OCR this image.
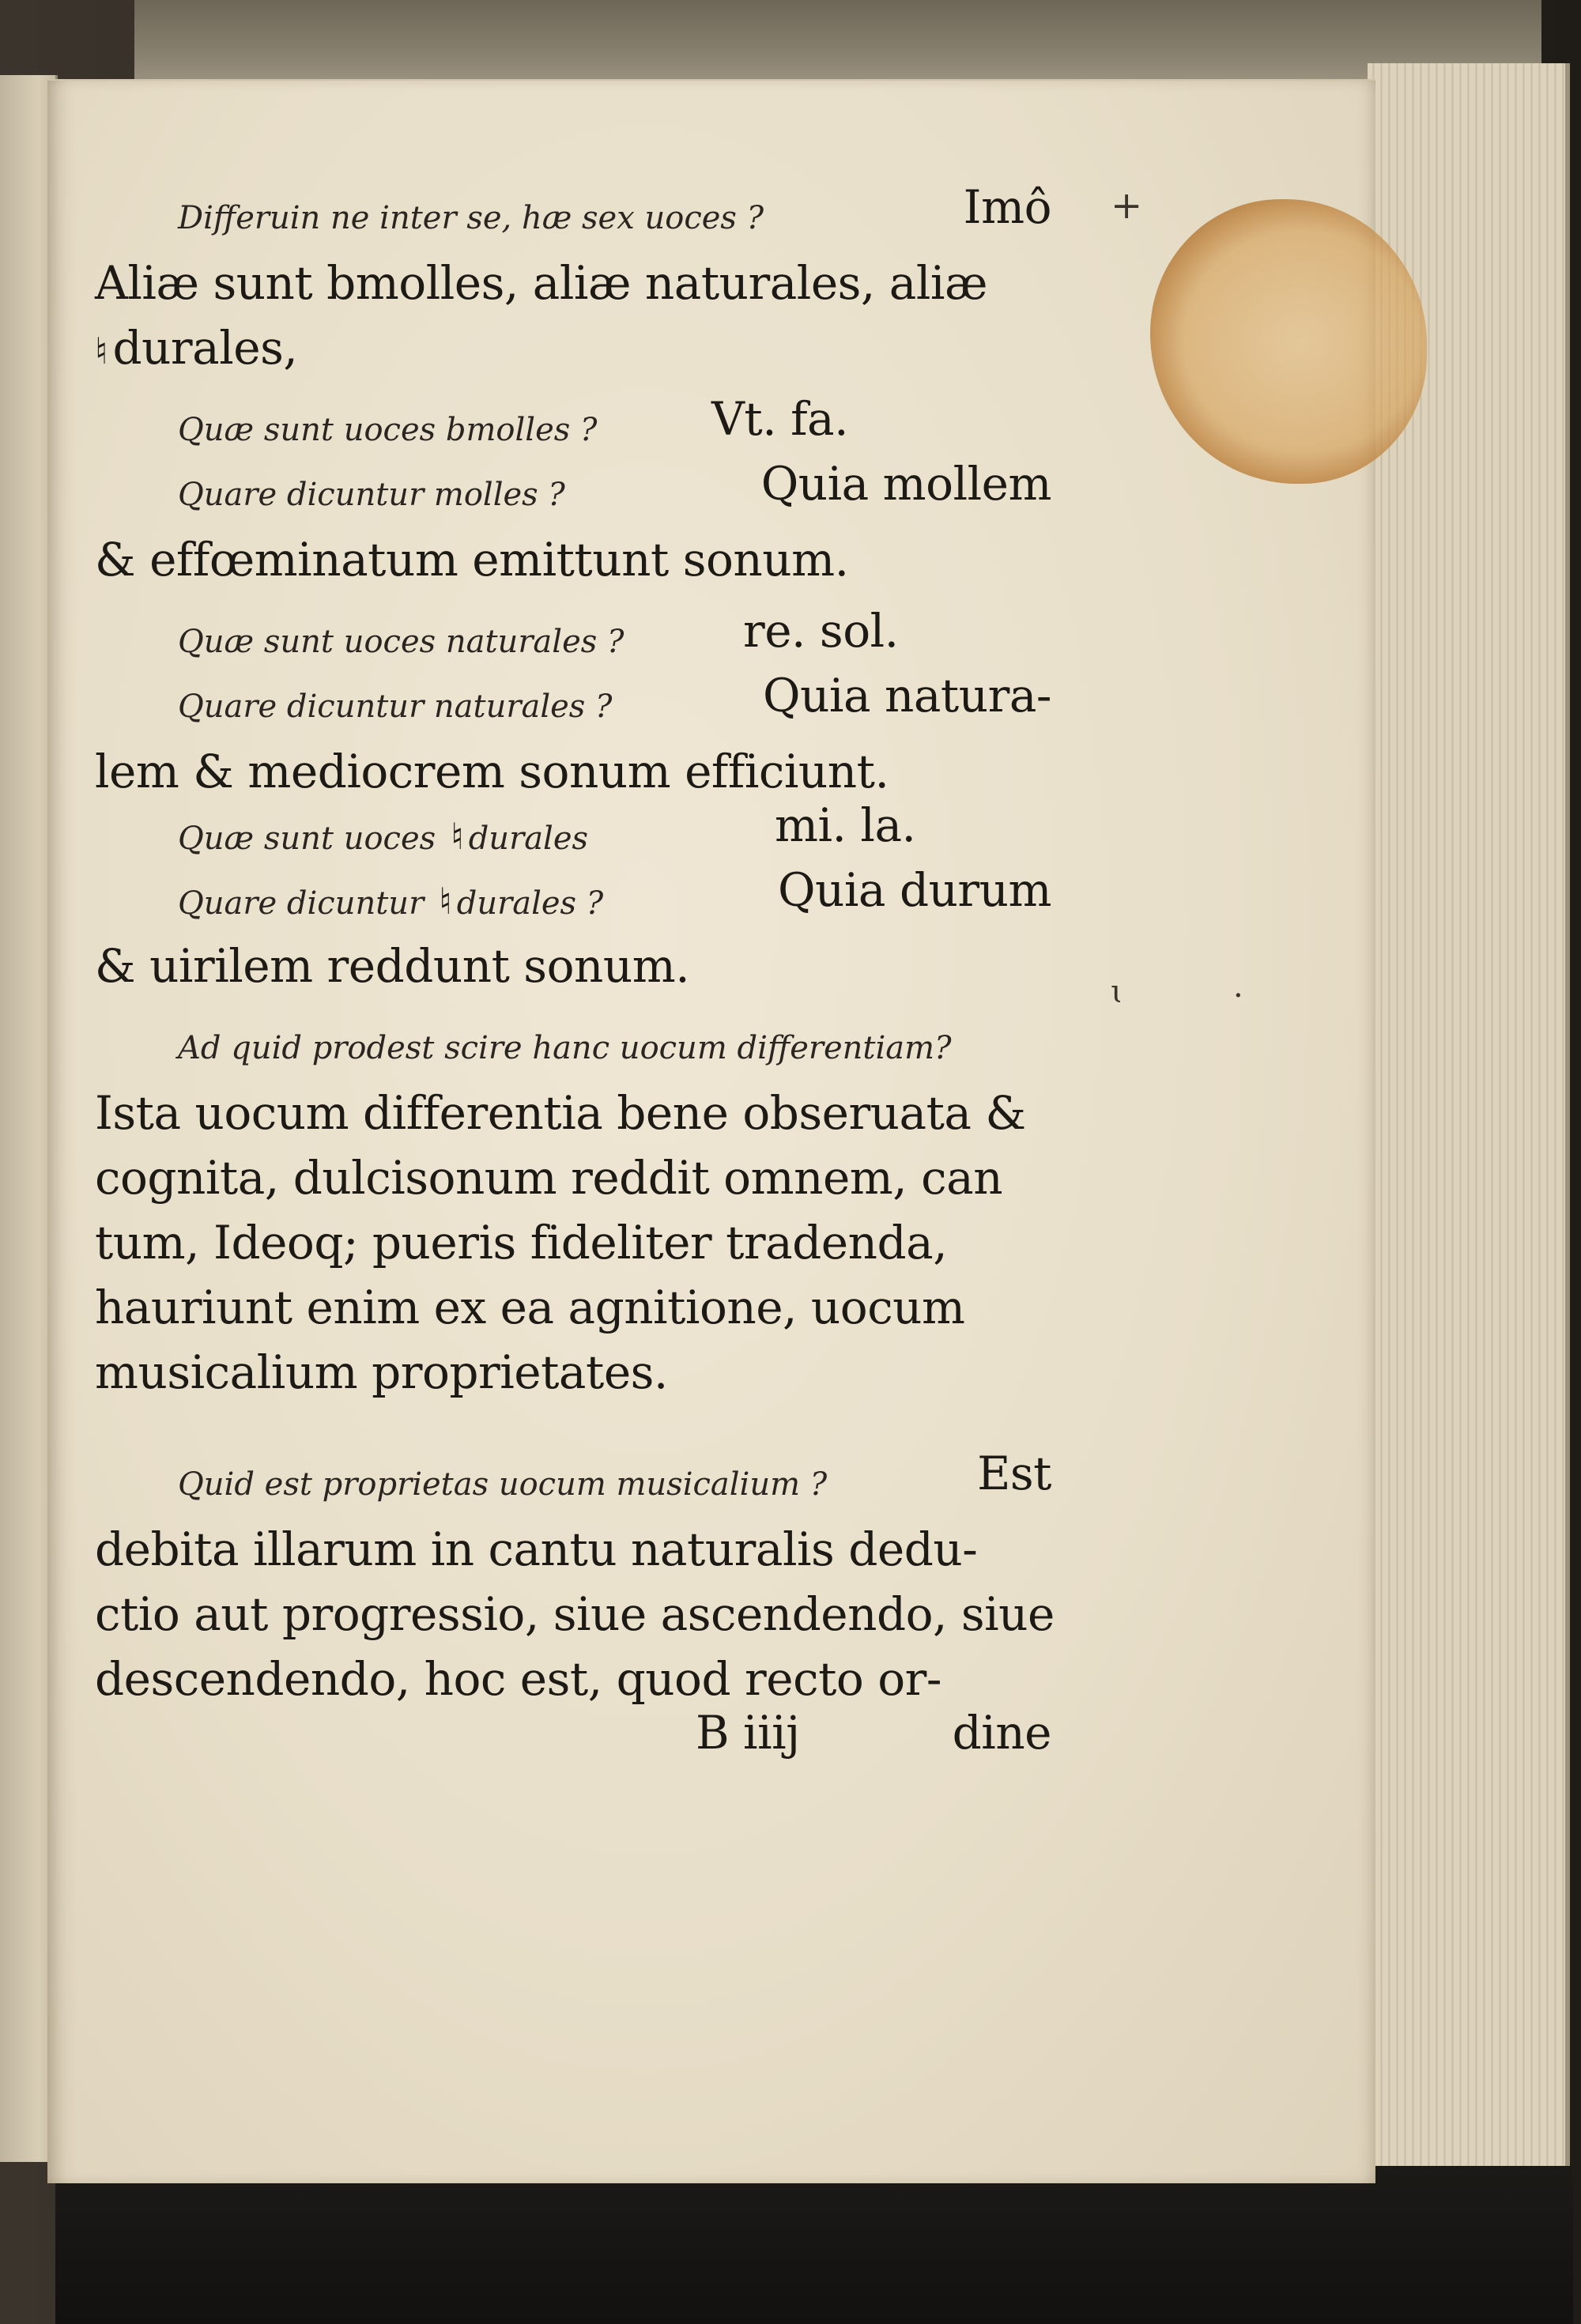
+
ɩ	·
Differuin ne inter se, hæ sex uoces ?	Imô
Aliæ sunt bmolles, aliæ naturales, aliæ
♮ durales,
Quæ sunt uoces bmolles ? Vt. fa.
Quare dicuntur molles ?	Quia mollem
& effœminatum emittunt sonum.
Quæ sunt uoces naturales ?	re. sol.
Quare dicuntur naturales ?	Quia natura-
lem & mediocrem sonum efficiunt.
Quæ sunt uoces ♮ durales	mi. la.
Quare dicuntur ♮ durales ?	Quia durum
& uirilem reddunt sonum.
Ad quid prodest scire hanc uocum differentiam?
Ista uocum differentia bene obseruata &
cognita, dulcisonum reddit omnem, can
tum, Ideoq; pueris fideliter tradenda,
hauriunt enim ex ea agnitione, uocum
musicalium proprietates.
Quid est proprietas uocum musicalium ?	Est
debita illarum in cantu naturalis dedu-
ctio aut progressio, siue ascendendo, siue
descendendo, hoc est, quod recto or-
B iiij	dine
